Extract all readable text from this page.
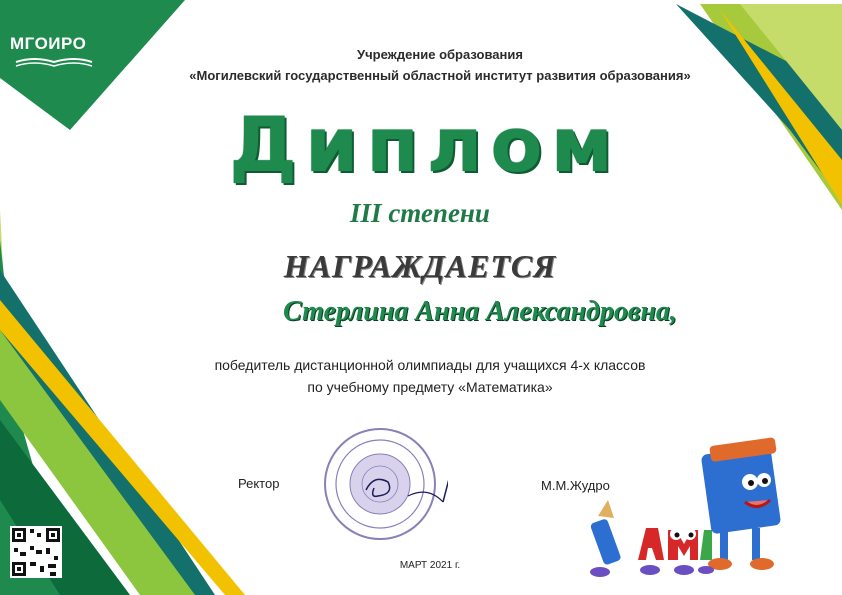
МГОИРО
Учреждение образования
«Могилевский государственный областной институт развития образования»
Диплом
III степени
НАГРАЖДАЕТСЯ
Стерлина Анна Александровна,
победитель дистанционной олимпиады для учащихся 4-х классов
по учебному предмету «Математика»
Ректор	М.М.Жудро
МАРТ 2021 г.
